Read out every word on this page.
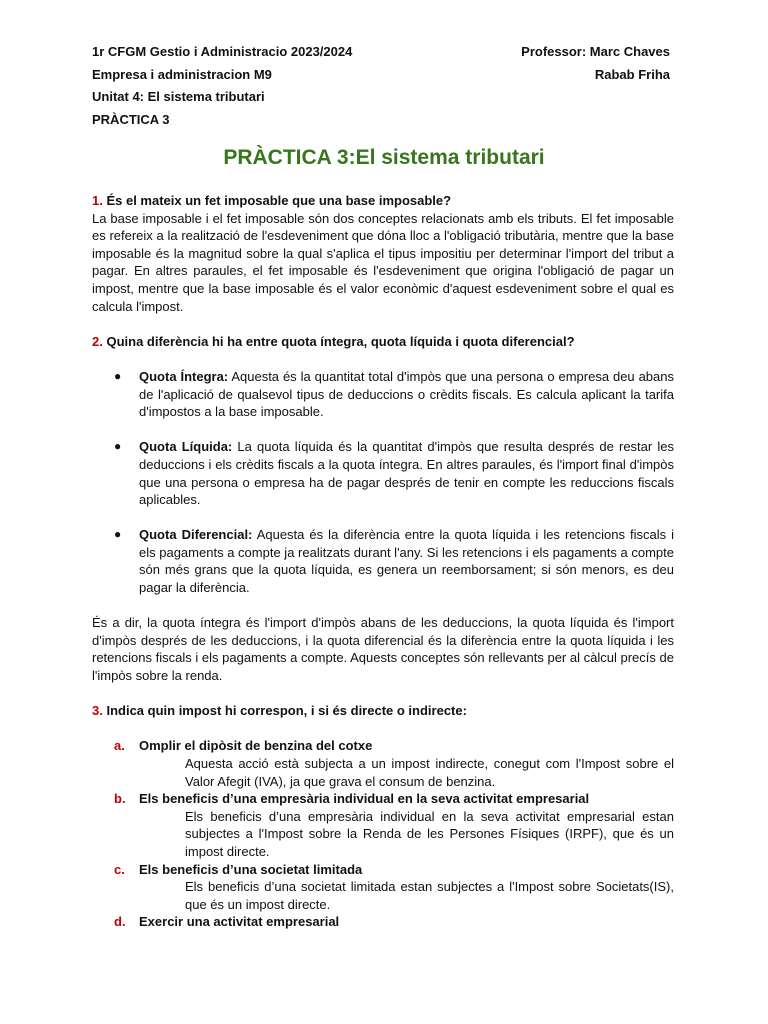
1r CFGM Gestio i Administracio 2023/2024	Professor: Marc Chaves
Empresa i administracion M9	Rabab Friha
Unitat 4: El sistema tributari
PRÀCTICA 3
PRÀCTICA 3:El sistema tributari

1. És el mateix un fet imposable que una base imposable?

La base imposable i el fet imposable són dos conceptes relacionats amb els tributs. El fet imposable es refereix a la realització de l'esdeveniment que dóna lloc a l'obligació tributària, mentre que la base imposable és la magnitud sobre la qual s'aplica el tipus impositiu per determinar l'import del tribut a pagar. En altres paraules, el fet imposable és l'esdeveniment que origina l'obligació de pagar un impost, mentre que la base imposable és el valor econòmic d'aquest esdeveniment sobre el qual es calcula l'impost.

2. Quina diferència hi ha entre quota íntegra, quota líquida i quota diferencial?

● Quota Íntegra: Aquesta és la quantitat total d'impòs que una persona o empresa deu abans de l'aplicació de qualsevol tipus de deduccions o crèdits fiscals. Es calcula aplicant la tarifa d'impostos a la base imposable.
● Quota Líquida: La quota líquida és la quantitat d'impòs que resulta després de restar les deduccions i els crèdits fiscals a la quota íntegra. En altres paraules, és l'import final d'impòs que una persona o empresa ha de pagar després de tenir en compte les reduccions fiscals aplicables.
● Quota Diferencial: Aquesta és la diferència entre la quota líquida i les retencions fiscals i els pagaments a compte ja realitzats durant l'any. Si les retencions i els pagaments a compte són més grans que la quota líquida, es genera un reemborsament; si són menors, es deu pagar la diferència.

És a dir, la quota íntegra és l'import d'impòs abans de les deduccions, la quota líquida és l'import d'impòs després de les deduccions, i la quota diferencial és la diferència entre la quota líquida i les retencions fiscals i els pagaments a compte. Aquests conceptes són rellevants per al càlcul precís de l'impòs sobre la renda.

3. Indica quin impost hi correspon, i si és directe o indirecte:

a. Omplir el dipòsit de benzina del cotxe

Aquesta acció està subjecta a un impost indirecte, conegut com l'Impost sobre el Valor Afegit (IVA), ja que grava el consum de benzina.

b. Els beneficis d’una empresària individual en la seva activitat empresarial

Els beneficis d’una empresària individual en la seva activitat empresarial estan subjectes a l'Impost sobre la Renda de les Persones Físiques (IRPF), que és un impost directe.

c. Els beneficis d’una societat limitada

Els beneficis d’una societat limitada estan subjectes a l'Impost sobre Societats(IS), que és un impost directe.

d. Exercir una activitat empresarial
